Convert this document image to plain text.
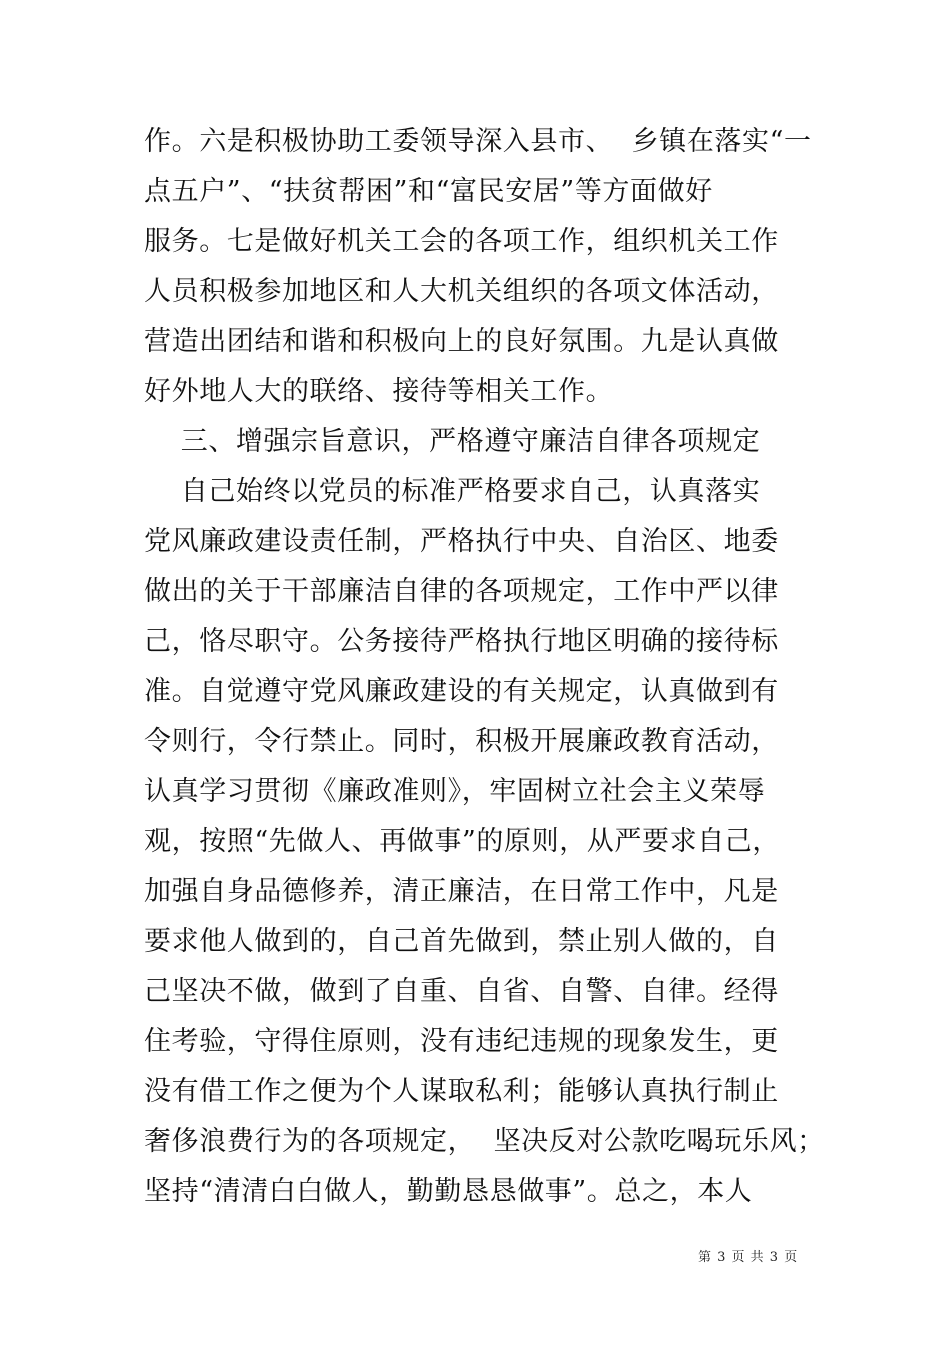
作。六是积极协助工委领导深入县市、  乡镇在落实“一
点五户”、“扶贫帮困”和“富民安居”等方面做好
服务。七是做好机关工会的各项工作，组织机关工作
人员积极参加地区和人大机关组织的各项文体活动，
营造出团结和谐和积极向上的良好氛围。九是认真做
好外地人大的联络、接待等相关工作。
三、增强宗旨意识，严格遵守廉洁自律各项规定
自己始终以党员的标准严格要求自己，认真落实
党风廉政建设责任制，严格执行中央、自治区、地委
做出的关于干部廉洁自律的各项规定，工作中严以律
己，恪尽职守。公务接待严格执行地区明确的接待标
准。自觉遵守党风廉政建设的有关规定，认真做到有
令则行，令行禁止。同时，积极开展廉政教育活动，
认真学习贯彻《廉政准则》，牢固树立社会主义荣辱
观，按照“先做人、再做事”的原则，从严要求自己，
加强自身品德修养，清正廉洁，在日常工作中，凡是
要求他人做到的，自己首先做到，禁止别人做的，自
己坚决不做，做到了自重、自省、自警、自律。经得
住考验，守得住原则，没有违纪违规的现象发生，更
没有借工作之便为个人谋取私利；能够认真执行制止
奢侈浪费行为的各项规定，  坚决反对公款吃喝玩乐风；
坚持“清清白白做人，勤勤恳恳做事”。总之，本人
第 3 页 共 3 页
